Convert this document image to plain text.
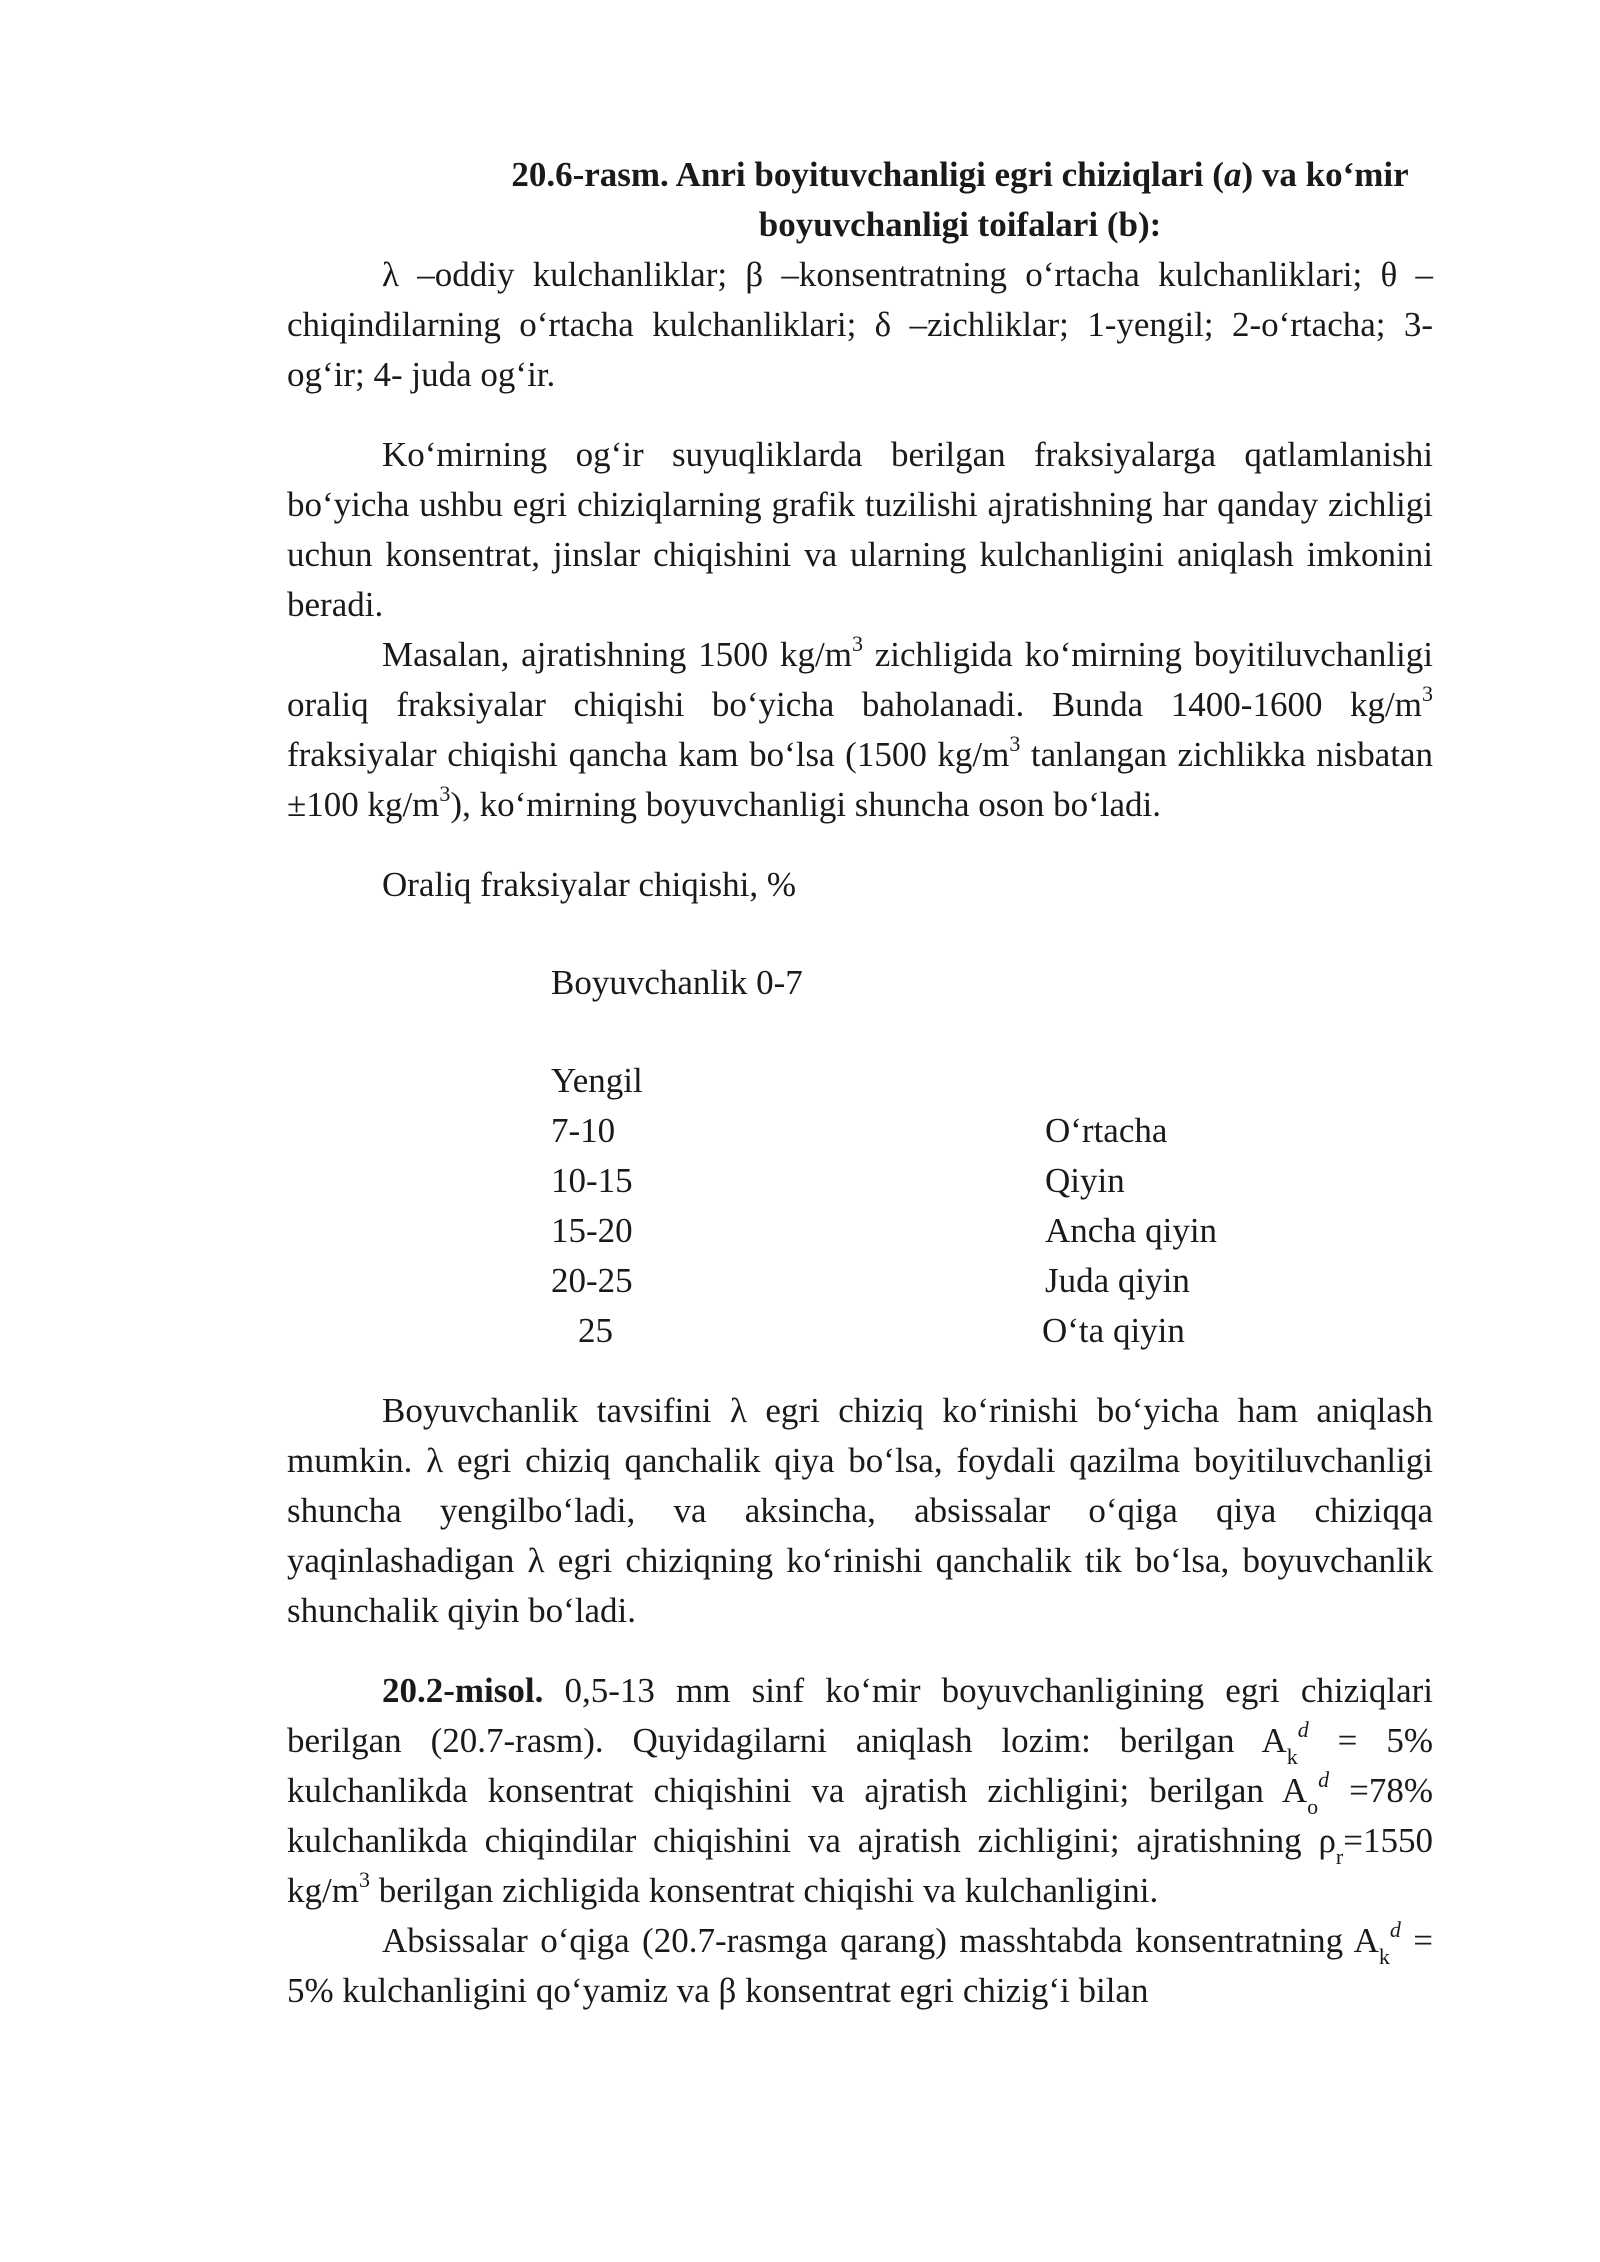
20.6-rasm. Anri boyituvchanligi egri chiziqlari (a) va koʻmir
boyuvchanligi toifalari (b):

λ –oddiy kulchanliklar; β –konsentratning oʻrtacha kulchanliklari; θ –chiqindilarning oʻrtacha kulchanliklari; δ –zichliklar; 1-yengil; 2-oʻrtacha; 3-ogʻir; 4- juda ogʻir.

Koʻmirning ogʻir suyuqliklarda berilgan fraksiyalarga qatlamlanishi boʻyicha ushbu egri chiziqlarning grafik tuzilishi ajratishning har qanday zichligi uchun konsentrat, jinslar chiqishini va ularning kulchanligini aniqlash imkonini beradi.

Masalan, ajratishning 1500 $kg/m^3$ zichligida koʻmirning boyitiluvchanligi oraliq fraksiyalar chiqishi boʻyicha baholanadi. Bunda 1400-1600 $kg/m^3$ fraksiyalar chiqishi qancha kam boʻlsa (1500 $kg/m^3$ tanlangan zichlikka nisbatan ±100 $kg/m^3$), koʻmirning boyuvchanligi shuncha oson boʻladi.

Oraliq fraksiyalar chiqishi, %

Boyuvchanlik 0-7
Yengil
7-10	Oʻrtacha
10-15	Qiyin
15-20	Ancha qiyin
20-25	Juda qiyin
25	Oʻta qiyin

Boyuvchanlik tavsifini λ egri chiziq koʻrinishi boʻyicha ham aniqlash mumkin. λ egri chiziq qanchalik qiya boʻlsa, foydali qazilma boyitiluvchanligi shuncha yengilboʻladi, va aksincha, absissalar oʻqiga qiya chiziqqa yaqinlashadigan λ egri chiziqning koʻrinishi qanchalik tik boʻlsa, boyuvchanlik shunchalik qiyin boʻladi.

20.2-misol. 0,5-13 mm sinf koʻmir boyuvchanligining egri chiziqlari berilgan (20.7-rasm). Quyidagilarni aniqlash lozim: berilgan $A_k^d = 5\%$ kulchanlikda konsentrat chiqishini va ajratish zichligini; berilgan $A_o^d =78\%$ kulchanlikda chiqindilar chiqishini va ajratish zichligini; ajratishning $\rho_r=1550$ $kg/m^3$ berilgan zichligida konsentrat chiqishi va kulchanligini.

Absissalar oʻqiga (20.7-rasmga qarang) masshtabda konsentratning $A_k^d = 5\%$ kulchanligini qoʻyamiz va β konsentrat egri chizigʻi bilan
